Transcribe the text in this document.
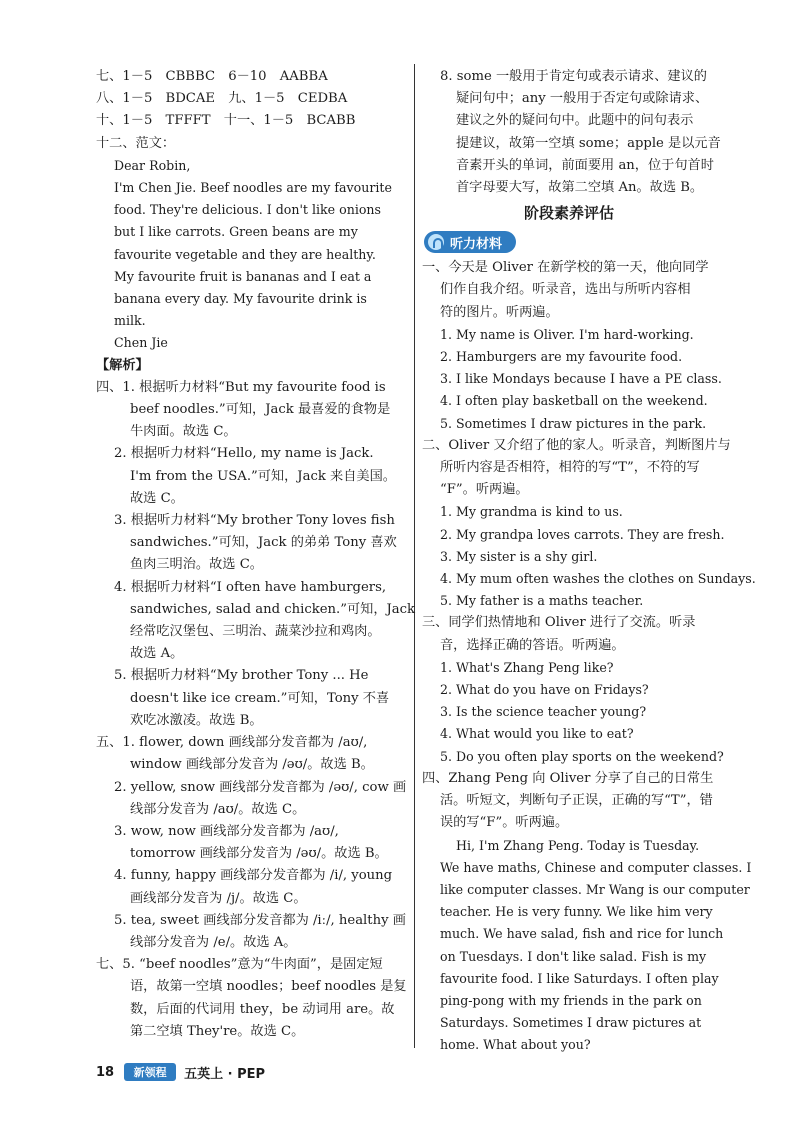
七、1－5　CBBBC　6－10　AABBA
八、1－5　BDCAE　九、1－5　CEDBA
十、1－5　TFFFT　十一、1－5　BCABB
十二、范文：
Dear Robin,
I'm Chen Jie. Beef noodles are my favourite
food. They're delicious. I don't like onions
but I like carrots. Green beans are my
favourite vegetable and they are healthy.
My favourite fruit is bananas and I eat a
banana every day. My favourite drink is
milk.
Chen Jie
【解析】
四、1. 根据听力材料“But my favourite food is
beef noodles.”可知，Jack 最喜爱的食物是
牛肉面。故选 C。
2. 根据听力材料“Hello, my name is Jack.
I'm from the USA.”可知，Jack 来自美国。
故选 C。
3. 根据听力材料“My brother Tony loves fish
sandwiches.”可知，Jack 的弟弟 Tony 喜欢
鱼肉三明治。故选 C。
4. 根据听力材料“I often have hamburgers,
sandwiches, salad and chicken.”可知，Jack
经常吃汉堡包、三明治、蔬菜沙拉和鸡肉。
故选 A。
5. 根据听力材料“My brother Tony ... He
doesn't like ice cream.”可知，Tony 不喜
欢吃冰激凌。故选 B。
五、1. flower, down 画线部分发音都为 /aʊ/,
window 画线部分发音为 /əʊ/。故选 B。
2. yellow, snow 画线部分发音都为 /əʊ/, cow 画
线部分发音为 /aʊ/。故选 C。
3. wow, now 画线部分发音都为 /aʊ/,
tomorrow 画线部分发音为 /əʊ/。故选 B。
4. funny, happy 画线部分发音都为 /i/, young
画线部分发音为 /j/。故选 C。
5. tea, sweet 画线部分发音都为 /iː/, healthy 画
线部分发音为 /e/。故选 A。
七、5. “beef noodles”意为“牛肉面”，是固定短
语，故第一空填 noodles；beef noodles 是复
数，后面的代词用 they，be 动词用 are。故
第二空填 They're。故选 C。
8. some 一般用于肯定句或表示请求、建议的
疑问句中；any 一般用于否定句或除请求、
建议之外的疑问句中。此题中的问句表示
提建议，故第一空填 some；apple 是以元音
音素开头的单词，前面要用 an，位于句首时
首字母要大写，故第二空填 An。故选 B。
阶段素养评估
听力材料
一、今天是 Oliver 在新学校的第一天，他向同学
们作自我介绍。听录音，选出与所听内容相
符的图片。听两遍。
1. My name is Oliver. I'm hard-working.
2. Hamburgers are my favourite food.
3. I like Mondays because I have a PE class.
4. I often play basketball on the weekend.
5. Sometimes I draw pictures in the park.
二、Oliver 又介绍了他的家人。听录音，判断图片与
所听内容是否相符，相符的写“T”，不符的写
“F”。听两遍。
1. My grandma is kind to us.
2. My grandpa loves carrots. They are fresh.
3. My sister is a shy girl.
4. My mum often washes the clothes on Sundays.
5. My father is a maths teacher.
三、同学们热情地和 Oliver 进行了交流。听录
音，选择正确的答语。听两遍。
1. What's Zhang Peng like?
2. What do you have on Fridays?
3. Is the science teacher young?
4. What would you like to eat?
5. Do you often play sports on the weekend?
四、Zhang Peng 向 Oliver 分享了自己的日常生
活。听短文，判断句子正误，正确的写“T”，错
误的写“F”。听两遍。
Hi, I'm Zhang Peng. Today is Tuesday.
We have maths, Chinese and computer classes. I
like computer classes. Mr Wang is our computer
teacher. He is very funny. We like him very
much. We have salad, fish and rice for lunch
on Tuesdays. I don't like salad. Fish is my
favourite food. I like Saturdays. I often play
ping-pong with my friends in the park on
Saturdays. Sometimes I draw pictures at
home. What about you?
18	新领程	五英上 · PEP
